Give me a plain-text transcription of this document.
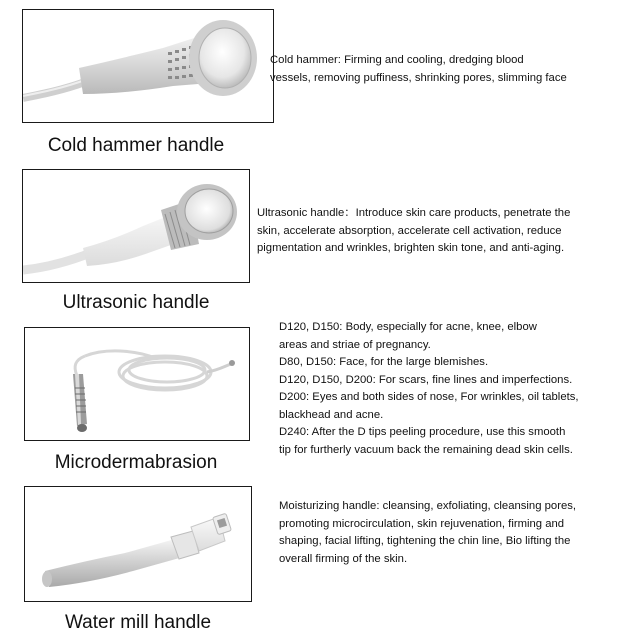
Cold hammer handle
Cold hammer: Firming and cooling, dredging blood
vessels, removing puffiness, shrinking pores, slimming face
Ultrasonic handle
Ultrasonic handle：Introduce skin care products, penetrate the
skin, accelerate absorption, accelerate cell activation, reduce
pigmentation and wrinkles, brighten skin tone, and anti-aging.
Microdermabrasion
D120, D150: Body, especially for acne, knee, elbow
areas and striae of pregnancy.
D80, D150: Face, for the large blemishes.
D120, D150, D200: For scars, fine lines and imperfections.
D200: Eyes and both sides of nose, For wrinkles, oil tablets,
blackhead and acne.
D240: After the D tips peeling procedure, use this smooth
tip for furtherly vacuum back the remaining dead skin cells.
Water mill handle
Moisturizing handle: cleansing, exfoliating, cleansing pores,
promoting microcirculation, skin rejuvenation, firming and
shaping, facial lifting, tightening the chin line, Bio lifting the
overall firming of the skin.
